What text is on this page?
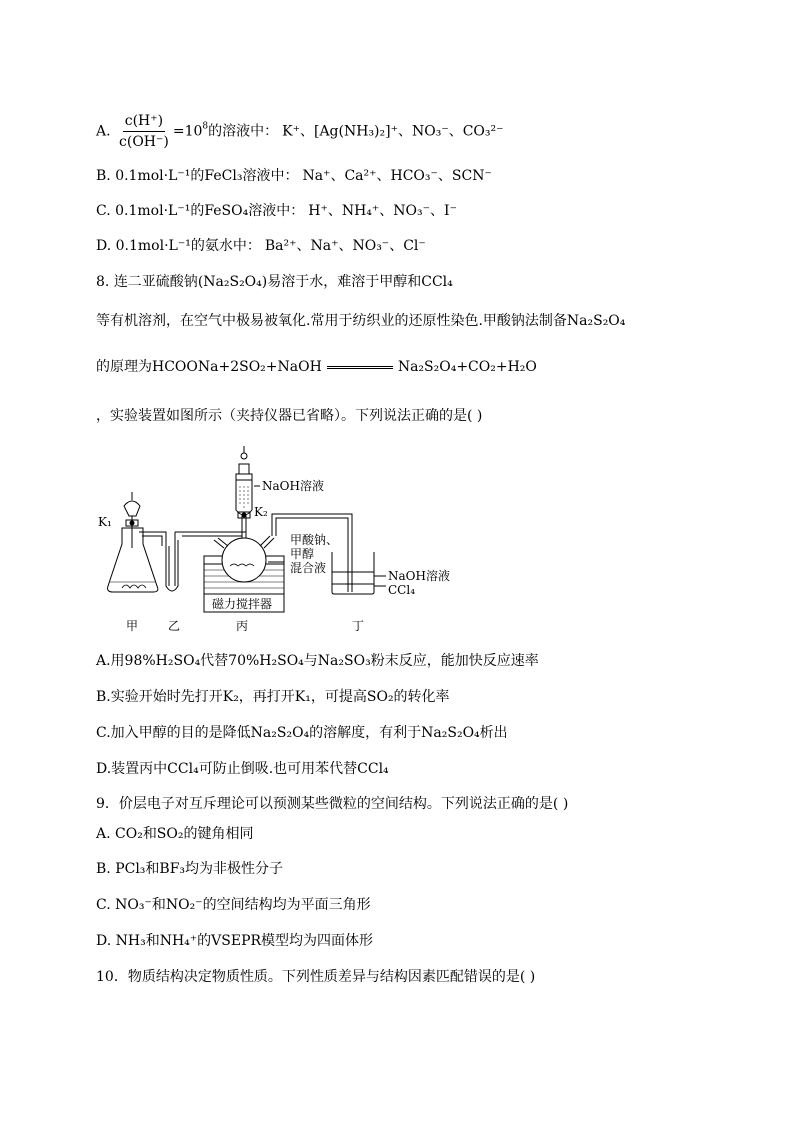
A. $\frac{c(H^+)}{c(OH^-)} =10^8$的溶液中： K⁺、[Ag(NH₃)₂]⁺、NO₃⁻、CO₃²⁻
B. 0.1mol·L⁻¹的FeCl₃溶液中： Na⁺、Ca²⁺、HCO₃⁻、SCN⁻
C. 0.1mol·L⁻¹的FeSO₄溶液中： H⁺、NH₄⁺、NO₃⁻、I⁻
D. 0.1mol·L⁻¹的氨水中： Ba²⁺、Na⁺、NO₃⁻、Cl⁻
8. 连二亚硫酸钠(Na₂S₂O₄)易溶于水，难溶于甲醇和CCl₄
等有机溶剂，在空气中极易被氧化.常用于纺织业的还原性染色.甲酸钠法制备Na₂S₂O₄
的原理为HCOONa+2SO₂+NaOH	Na₂S₂O₄+CO₂+H₂O
，实验装置如图所示（夹持仪器已省略）。下列说法正确的是( )
NaOH溶液
K₁
K₂
甲酸钠、
甲醇
混合液
磁力搅拌器
NaOH溶液
CCl₄
甲 乙	丙	丁
A.用98%H₂SO₄代替70%H₂SO₄与Na₂SO₃粉末反应，能加快反应速率
B.实验开始时先打开K₂，再打开K₁，可提高SO₂的转化率
C.加入甲醇的目的是降低Na₂S₂O₄的溶解度，有利于Na₂S₂O₄析出
D.装置丙中CCl₄可防止倒吸.也可用苯代替CCl₄
9．价层电子对互斥理论可以预测某些微粒的空间结构。下列说法正确的是( )
A. CO₂和SO₂的键角相同
B. PCl₃和BF₃均为非极性分子
C. NO₃⁻和NO₂⁻的空间结构均为平面三角形
D. NH₃和NH₄⁺的VSEPR模型均为四面体形
10．物质结构决定物质性质。下列性质差异与结构因素匹配错误的是( )
